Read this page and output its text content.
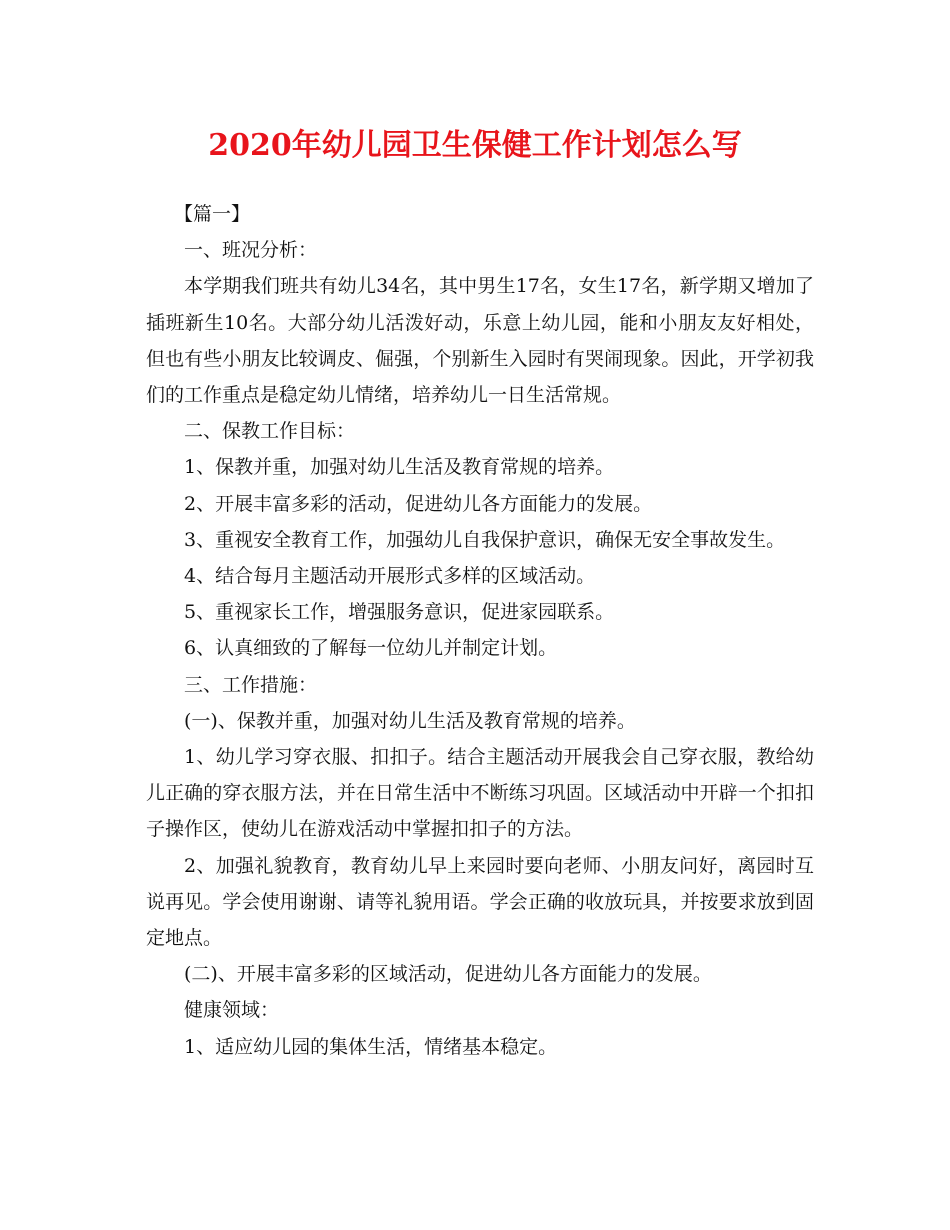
2020年幼儿园卫生保健工作计划怎么写

【篇一】

一、班况分析：

本学期我们班共有幼儿34名，其中男生17名，女生17名，新学期又增加了插班新生10名。大部分幼儿活泼好动，乐意上幼儿园，能和小朋友友好相处，但也有些小朋友比较调皮、倔强，个别新生入园时有哭闹现象。因此，开学初我们的工作重点是稳定幼儿情绪，培养幼儿一日生活常规。

二、保教工作目标：

1、保教并重，加强对幼儿生活及教育常规的培养。

2、开展丰富多彩的活动，促进幼儿各方面能力的发展。

3、重视安全教育工作，加强幼儿自我保护意识，确保无安全事故发生。

4、结合每月主题活动开展形式多样的区域活动。

5、重视家长工作，增强服务意识，促进家园联系。

6、认真细致的了解每一位幼儿并制定计划。

三、工作措施：

(一)、保教并重，加强对幼儿生活及教育常规的培养。

1、幼儿学习穿衣服、扣扣子。结合主题活动开展我会自己穿衣服，教给幼儿正确的穿衣服方法，并在日常生活中不断练习巩固。区域活动中开辟一个扣扣子操作区，使幼儿在游戏活动中掌握扣扣子的方法。

2、加强礼貌教育，教育幼儿早上来园时要向老师、小朋友问好，离园时互说再见。学会使用谢谢、请等礼貌用语。学会正确的收放玩具，并按要求放到固定地点。

(二)、开展丰富多彩的区域活动，促进幼儿各方面能力的发展。

健康领域：

1、适应幼儿园的集体生活，情绪基本稳定。
